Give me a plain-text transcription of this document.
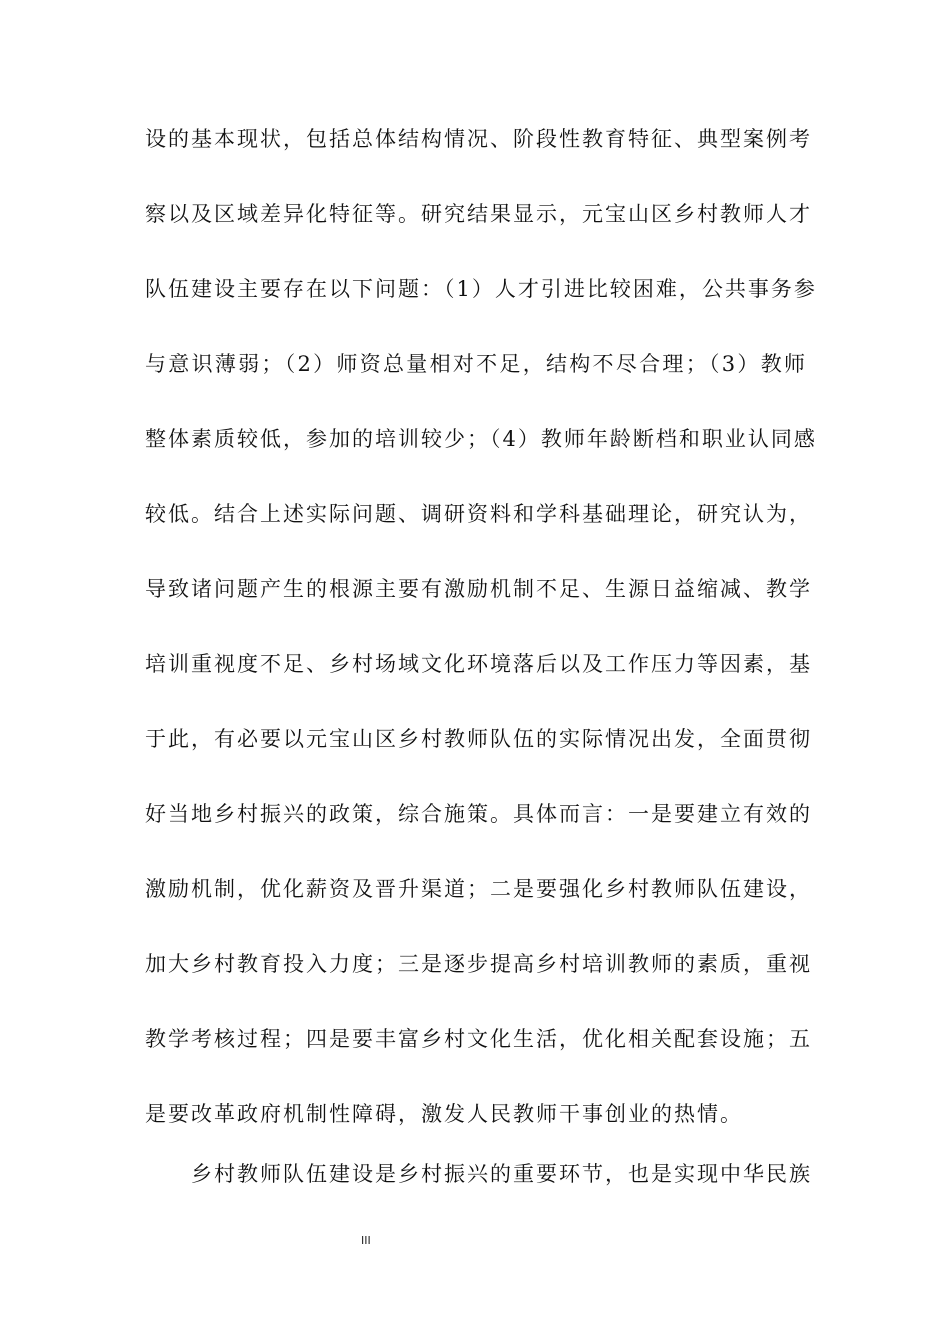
设的基本现状，包括总体结构情况、阶段性教育特征、典型案例考
察以及区域差异化特征等。研究结果显示，元宝山区乡村教师人才
队伍建设主要存在以下问题：（1）人才引进比较困难，公共事务参
与意识薄弱；（2）师资总量相对不足，结构不尽合理；（3）教师
整体素质较低，参加的培训较少；（4）教师年龄断档和职业认同感
较低。结合上述实际问题、调研资料和学科基础理论，研究认为，
导致诸问题产生的根源主要有激励机制不足、生源日益缩减、教学
培训重视度不足、乡村场域文化环境落后以及工作压力等因素，基
于此，有必要以元宝山区乡村教师队伍的实际情况出发，全面贯彻
好当地乡村振兴的政策，综合施策。具体而言：一是要建立有效的
激励机制，优化薪资及晋升渠道；二是要强化乡村教师队伍建设，
加大乡村教育投入力度；三是逐步提高乡村培训教师的素质，重视
教学考核过程；四是要丰富乡村文化生活，优化相关配套设施；五
是要改革政府机制性障碍，激发人民教师干事创业的热情。
乡村教师队伍建设是乡村振兴的重要环节，也是实现中华民族
III
